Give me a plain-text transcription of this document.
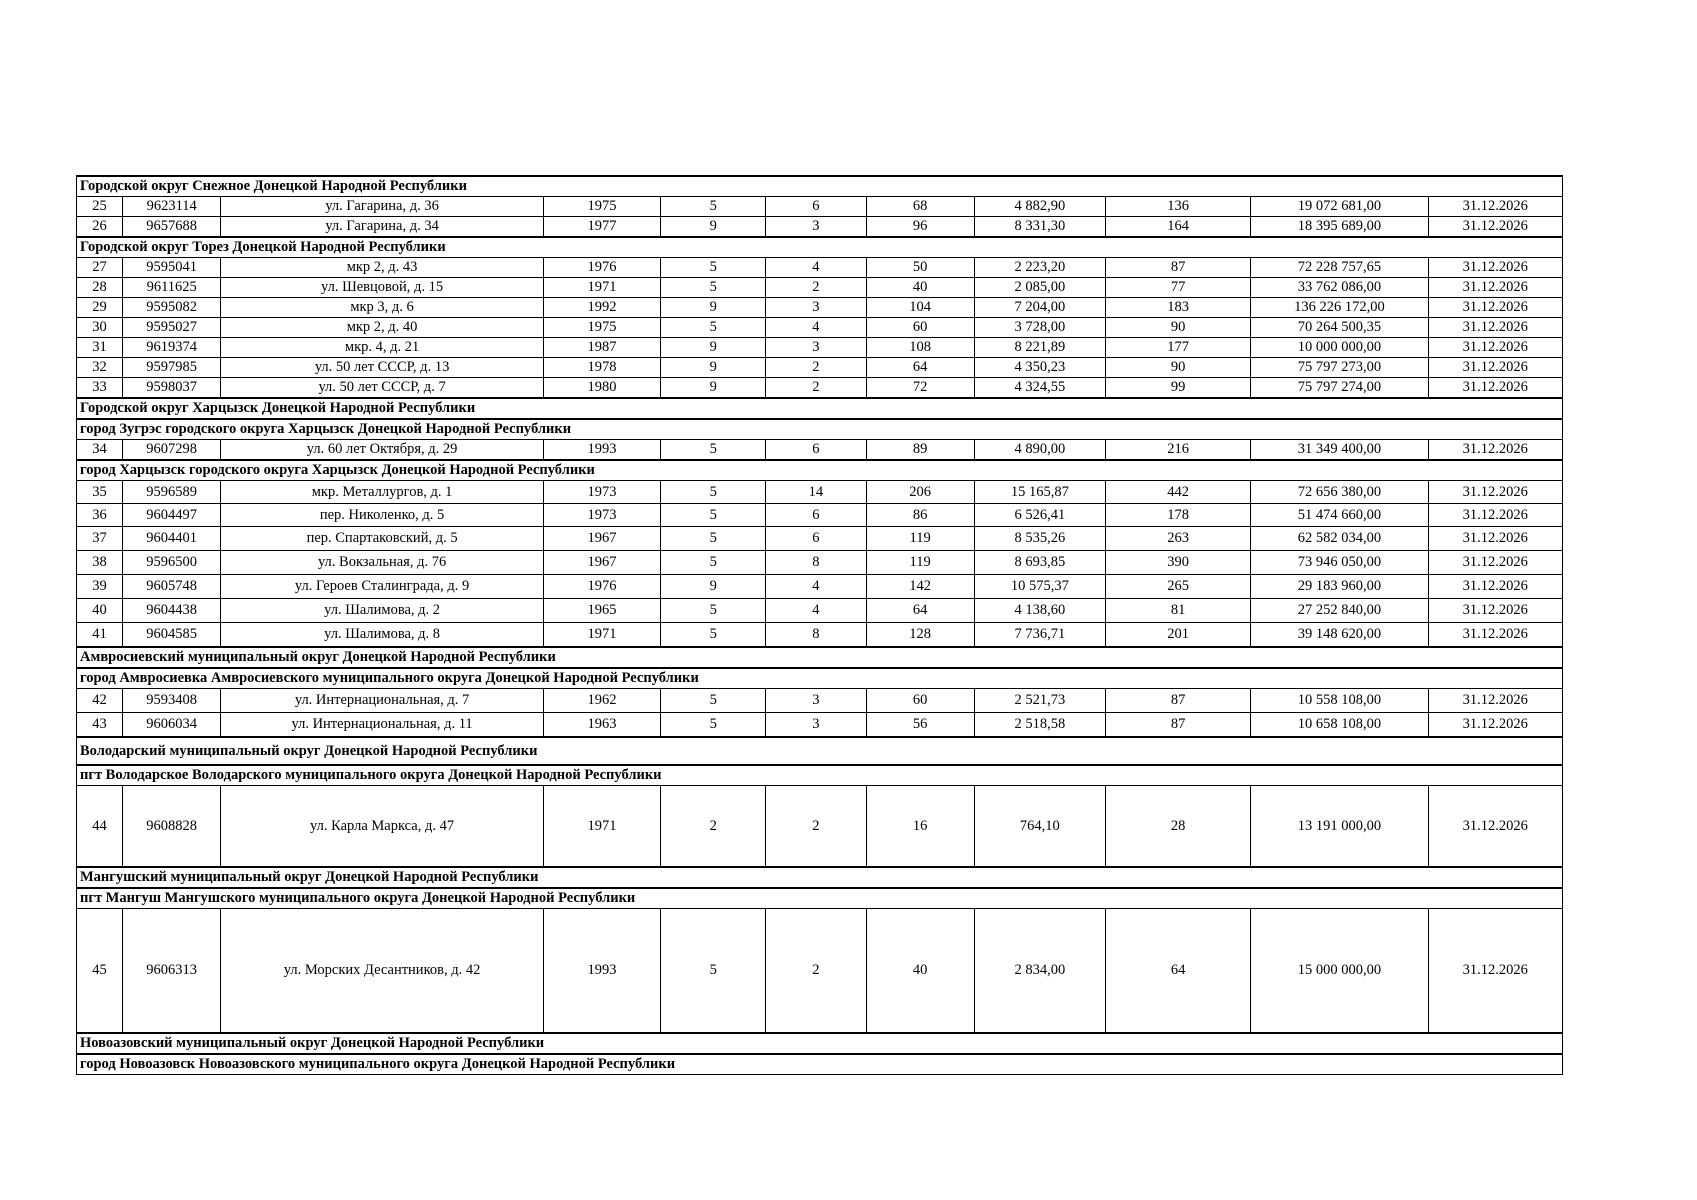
Городской округ Снежное Донецкой Народной Республики										
25	9623114	ул. Гагарина, д. 36	1975	5	6	68	4 882,90	136	19 072 681,00	31.12.2026
26	9657688	ул. Гагарина, д. 34	1977	9	3	96	8 331,30	164	18 395 689,00	31.12.2026
Городской округ Торез Донецкой Народной Республики										
27	9595041	мкр 2, д. 43	1976	5	4	50	2 223,20	87	72 228 757,65	31.12.2026
28	9611625	ул. Шевцовой, д. 15	1971	5	2	40	2 085,00	77	33 762 086,00	31.12.2026
29	9595082	мкр 3, д. 6	1992	9	3	104	7 204,00	183	136 226 172,00	31.12.2026
30	9595027	мкр 2, д. 40	1975	5	4	60	3 728,00	90	70 264 500,35	31.12.2026
31	9619374	мкр. 4, д. 21	1987	9	3	108	8 221,89	177	10 000 000,00	31.12.2026
32	9597985	ул. 50 лет СССР, д. 13	1978	9	2	64	4 350,23	90	75 797 273,00	31.12.2026
33	9598037	ул. 50 лет СССР, д. 7	1980	9	2	72	4 324,55	99	75 797 274,00	31.12.2026
Городской округ Харцызск Донецкой Народной Республики										
город Зугрэс городского округа Харцызск Донецкой Народной Республики										
34	9607298	ул. 60 лет Октября, д. 29	1993	5	6	89	4 890,00	216	31 349 400,00	31.12.2026
город Харцызск городского округа Харцызск Донецкой Народной Республики										
35	9596589	мкр. Металлургов, д. 1	1973	5	14	206	15 165,87	442	72 656 380,00	31.12.2026
36	9604497	пер. Николенко, д. 5	1973	5	6	86	6 526,41	178	51 474 660,00	31.12.2026
37	9604401	пер. Спартаковский, д. 5	1967	5	6	119	8 535,26	263	62 582 034,00	31.12.2026
38	9596500	ул. Вокзальная, д. 76	1967	5	8	119	8 693,85	390	73 946 050,00	31.12.2026
39	9605748	ул. Героев Сталинграда, д. 9	1976	9	4	142	10 575,37	265	29 183 960,00	31.12.2026
40	9604438	ул. Шалимова, д. 2	1965	5	4	64	4 138,60	81	27 252 840,00	31.12.2026
41	9604585	ул. Шалимова, д. 8	1971	5	8	128	7 736,71	201	39 148 620,00	31.12.2026
Амвросиевский муниципальный округ Донецкой Народной Республики										
город Амвросиевка Амвросиевского муниципального округа Донецкой Народной Республики										
42	9593408	ул. Интернациональная, д. 7	1962	5	3	60	2 521,73	87	10 558 108,00	31.12.2026
43	9606034	ул. Интернациональная, д. 11	1963	5	3	56	2 518,58	87	10 658 108,00	31.12.2026
Володарский муниципальный округ Донецкой Народной Республики										
пгт Володарское Володарского муниципального округа Донецкой Народной Республики										
44	9608828	ул. Карла Маркса, д. 47	1971	2	2	16	764,10	28	13 191 000,00	31.12.2026
Мангушский муниципальный округ Донецкой Народной Республики										
пгт Мангуш Мангушского муниципального округа Донецкой Народной Республики										
45	9606313	ул. Морских Десантников, д. 42	1993	5	2	40	2 834,00	64	15 000 000,00	31.12.2026
Новоазовский муниципальный округ Донецкой Народной Республики										
город Новоазовск Новоазовского муниципального округа Донецкой Народной Республики										
